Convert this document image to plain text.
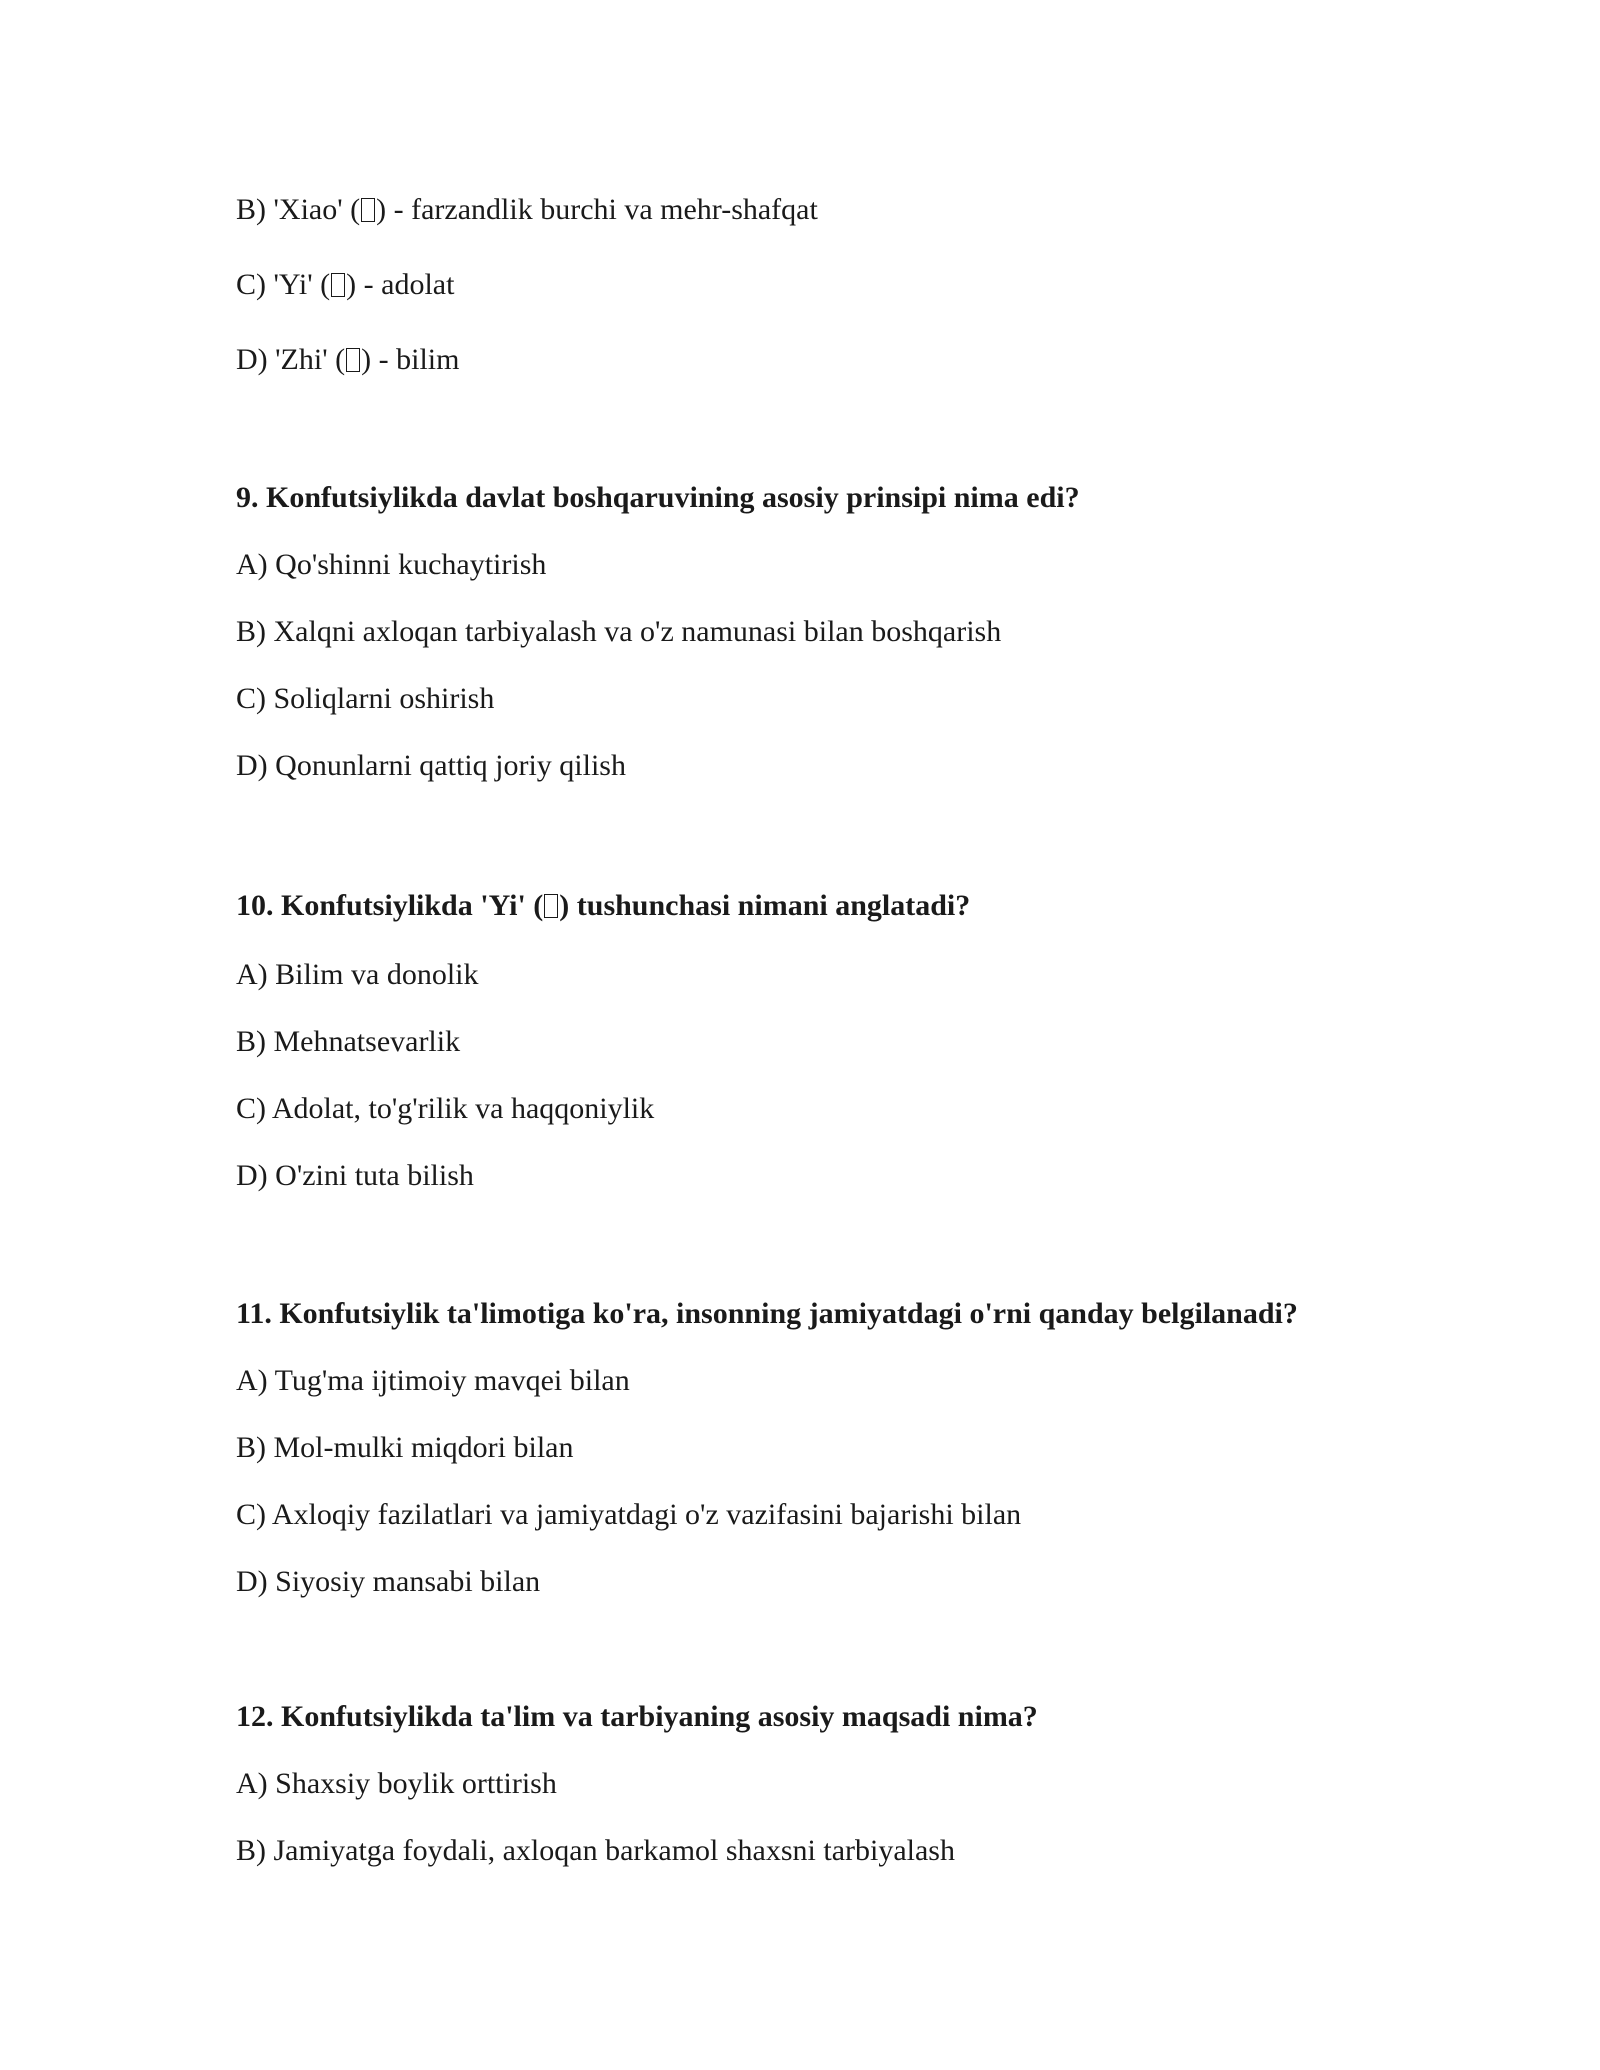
B) 'Xiao' ( ) - farzandlik burchi va mehr-shafqat
C) 'Yi' ( ) - adolat
D) 'Zhi' ( ) - bilim
9. Konfutsiylikda davlat boshqaruvining asosiy prinsipi nima edi?
A) Qo'shinni kuchaytirish
B) Xalqni axloqan tarbiyalash va o'z namunasi bilan boshqarish
C) Soliqlarni oshirish
D) Qonunlarni qattiq joriy qilish
10. Konfutsiylikda 'Yi' ( ) tushunchasi nimani anglatadi?
A) Bilim va donolik
B) Mehnatsevarlik
C) Adolat, to'g'rilik va haqqoniylik
D) O'zini tuta bilish
11. Konfutsiylik ta'limotiga ko'ra, insonning jamiyatdagi o'rni qanday belgilanadi?
A) Tug'ma ijtimoiy mavqei bilan
B) Mol-mulki miqdori bilan
C) Axloqiy fazilatlari va jamiyatdagi o'z vazifasini bajarishi bilan
D) Siyosiy mansabi bilan
12. Konfutsiylikda ta'lim va tarbiyaning asosiy maqsadi nima?
A) Shaxsiy boylik orttirish
B) Jamiyatga foydali, axloqan barkamol shaxsni tarbiyalash
